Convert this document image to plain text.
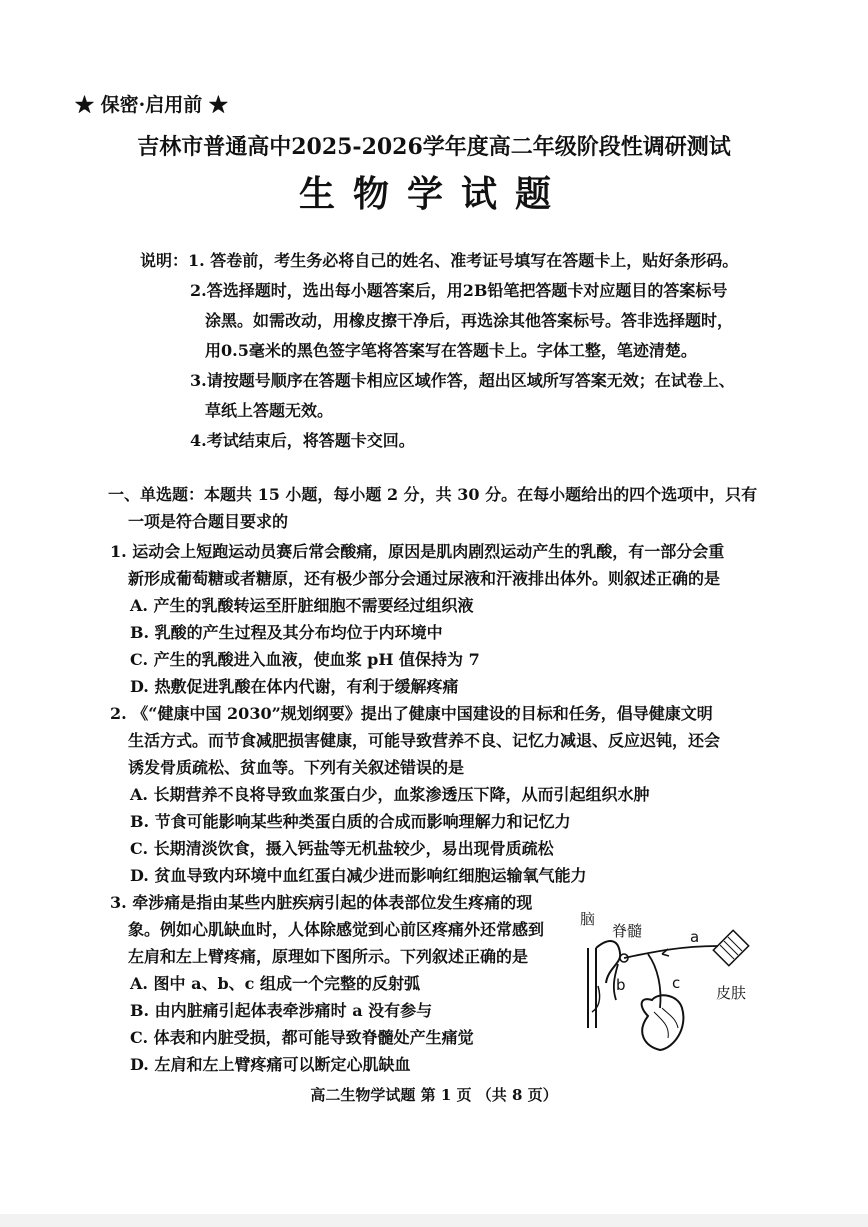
★ 保密·启用前 ★
吉林市普通高中2025-2026学年度高二年级阶段性调研测试
生物学试题
说明：1. 答卷前，考生务必将自己的姓名、准考证号填写在答题卡上，贴好条形码。
2.答选择题时，选出每小题答案后，用2B铅笔把答题卡对应题目的答案标号
涂黑。如需改动，用橡皮擦干净后，再选涂其他答案标号。答非选择题时，
用0.5毫米的黑色签字笔将答案写在答题卡上。字体工整，笔迹清楚。
3.请按题号顺序在答题卡相应区域作答，超出区域所写答案无效；在试卷上、
草纸上答题无效。
4.考试结束后，将答题卡交回。
一、单选题：本题共 15 小题，每小题 2 分，共 30 分。在每小题给出的四个选项中，只有
一项是符合题目要求的
1. 运动会上短跑运动员赛后常会酸痛，原因是肌肉剧烈运动产生的乳酸，有一部分会重
新形成葡萄糖或者糖原，还有极少部分会通过尿液和汗液排出体外。则叙述正确的是
A. 产生的乳酸转运至肝脏细胞不需要经过组织液
B. 乳酸的产生过程及其分布均位于内环境中
C. 产生的乳酸进入血液，使血浆 pH 值保持为 7
D. 热敷促进乳酸在体内代谢，有利于缓解疼痛
2. 《“健康中国 2030”规划纲要》提出了健康中国建设的目标和任务，倡导健康文明
生活方式。而节食减肥损害健康，可能导致营养不良、记忆力减退、反应迟钝，还会
诱发骨质疏松、贫血等。下列有关叙述错误的是
A. 长期营养不良将导致血浆蛋白少，血浆渗透压下降，从而引起组织水肿
B. 节食可能影响某些种类蛋白质的合成而影响理解力和记忆力
C. 长期清淡饮食，摄入钙盐等无机盐较少，易出现骨质疏松
D. 贫血导致内环境中血红蛋白减少进而影响红细胞运输氧气能力
3. 牵涉痛是指由某些内脏疾病引起的体表部位发生疼痛的现
象。例如心肌缺血时，人体除感觉到心前区疼痛外还常感到
左肩和左上臂疼痛，原理如下图所示。下列叙述正确的是
A. 图中 a、b、c 组成一个完整的反射弧
B. 由内脏痛引起体表牵涉痛时 a 没有参与
C. 体表和内脏受损，都可能导致脊髓处产生痛觉
D. 左肩和左上臂疼痛可以断定心肌缺血
脑
脊髓	a
b	c
皮肤
高二生物学试题 第 1 页 （共 8 页）
